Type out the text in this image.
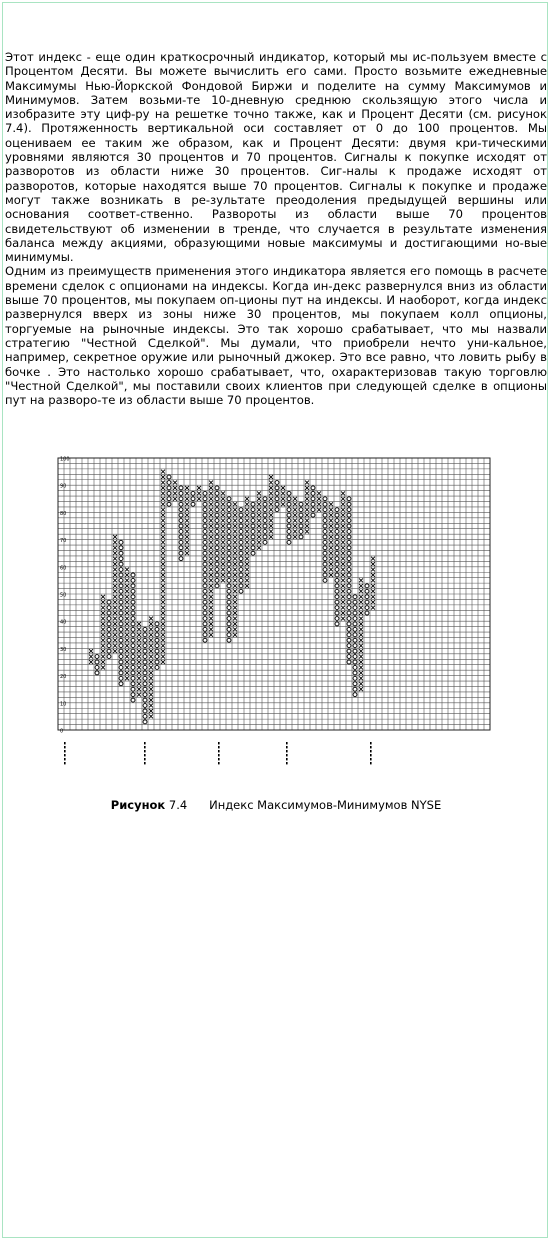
Этот индекс - еще один краткосрочный индикатор, который мы ис-пользуем вместе с Процентом Десяти. Вы можете вычислить его сами. Просто возьмите ежедневные Максимумы Нью-Йоркской Фондовой Биржи и поделите на сумму Максимумов и Минимумов. Затем возьми-те 10-дневную среднюю скользящую этого числа и изобразите эту циф-ру на решетке точно также, как и Процент Десяти (см. рисунок 7.4). Протяженность вертикальной оси составляет от 0 до 100 процентов. Мы оцениваем ее таким же образом, как и Процент Десяти: двумя кри-тическими уровнями являются 30 процентов и 70 процентов. Сигналы к покупке исходят от разворотов из области ниже 30 процентов. Сиг-налы к продаже исходят от разворотов, которые находятся выше 70 процентов. Сигналы к покупке и продаже могут также возникать в ре-зультате преодоления предыдущей вершины или основания соответ-ственно. Развороты из области выше 70 процентов свидетельствуют об изменении в тренде, что случается в результате изменения баланса между акциями, образующими новые максимумы и достигающими но-вые минимумы.

Одним из преимуществ применения этого индикатора является его помощь в расчете времени сделок с опционами на индексы. Когда ин-декс развернулся вниз из области выше 70 процентов, мы покупаем оп-ционы пут на индексы. И наоборот, когда индекс развернулся вверх из зоны ниже 30 процентов, мы покупаем колл опционы, торгуемые на рыночные индексы. Это так хорошо срабатывает, что мы назвали стратегию "Честной Сделкой". Мы думали, что приобрели нечто уни-кальное, например, секретное оружие или рыночный джокер. Это все равно, что ловить рыбу в бочке . Это настолько хорошо срабатывает, что, охарактеризовав такую торговлю "Честной Сделкой", мы поставили своих клиентов при следующей сделке в опционы пут на разворо-те из области выше 70 процентов.

100
90
80
70
60
50
40
30
20
10
0
Рисунок 7.4 Индекс Максимумов-Минимумов NYSE
